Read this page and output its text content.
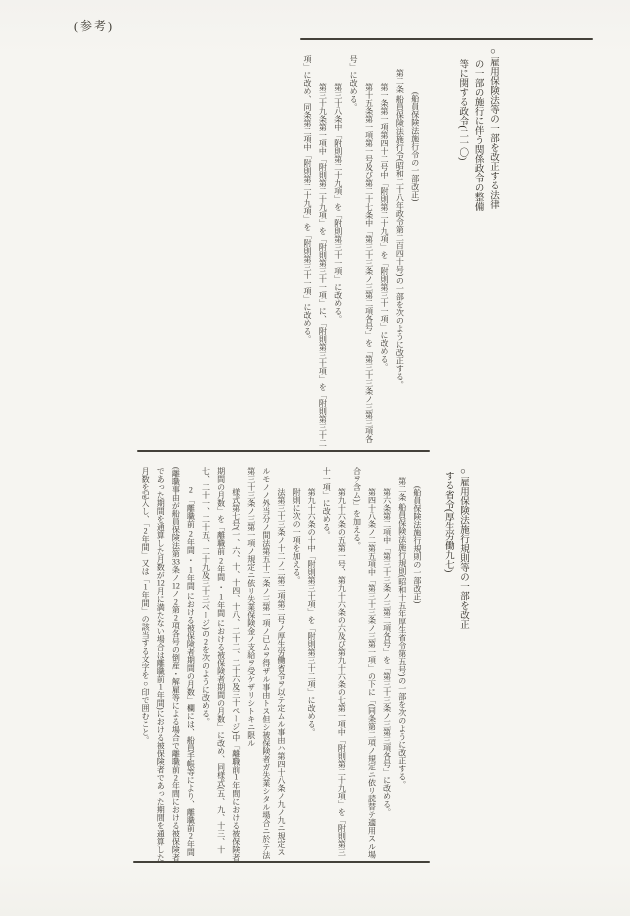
(参考)
○雇用保険法等の一部を改正する法律
の一部の施行に伴う関係政令の整備
等に関する政令(二一〇)
(船員保険法施行令の一部改正)
第二条 船員保険法施行令(昭和二十八年政令第二百四十号)の一部を次のように改正する。
第一条第一項第四十二号中「附則第二十九項」を「附則第三十一項」に改める。
第十五条第一項第一号及び第二十七条中「第三十三条ノ三第二項各号」を「第三十三条ノ三第三項各号」に改める。
第三十八条中「附則第二十九項」を「附則第三十一項」に改める。
第三十九条第一項中「附則第二十九項」を「附則第三十一項」に、「附則第三十項」を「附則第三十二項」に改め、同条第二項中「附則第二十九項」を「附則第三十一項」に改める。
○雇用保険法施行規則等の一部を改正
する省令(厚生労働九七)
(船員保険法施行規則の一部改正)
第二条 船員保険法施行規則(昭和十五年厚生省令第五号)の一部を次のように改正する。
第六条第二項中「第三十三条ノ三第二項各号」を「第三十三条ノ三第三項各号」に改める。
第四十八条ノ二第五項中「第三十三条ノ三第一項」の下に「(同条第二項ノ規定ニ依リ読替テ適用スル場合ヲ含ム)」を加える。
第九十六条の五第一号、第九十六条の六及び第九十六条の七第一項中「附則第二十九項」を「附則第三十一項」に改める。
第九十六条の十中「附則第三十項」を「附則第三十二項」に改める。
附則に次の一項を加える。
法第三十三条ノ十二ノ二第二項第二号ノ厚生労働省令ヲ以テ定ムル事由ハ第四十八条ノ九ノ九ニ規定スルモノノ外当分ノ間法第五十二条ノ三第一項ノ已ムヲ得ザル事由トス但シ被保険者ガ失業シタル場合ニ於テ法第三十三条ノ三第一項ノ規定ニ依リ失業保険金ノ支給ヲ受ケザリシトキニ限ル
様式第七号(一、六、十、十四、十八、二十二、二十六及三十ページ)中「離職前1年間における被保険者期間の月数」を「離職前 2年間 ・ 1年間 における被保険者期間の月数」に改め、同様式(五、九、十三、十七、二十一、二十五、二十九及三十三ページ)の2を次のように改める。
2 「離職前 2年間 ・ 1年間 における被保険者期間の月数」欄には、船員手帳等により、離職前2年間(離職事由が船員保険法第33条ノ12ノ2第2項各号の倒産・解雇等による場合で離職前2年間における被保険者であった期間を通算した月数が12月に満たない場合は離職前1年間)における被保険者であった期間を通算した月数を記入し、「2年間」又は「1年間」の該当する文字を○印で囲むこと。
